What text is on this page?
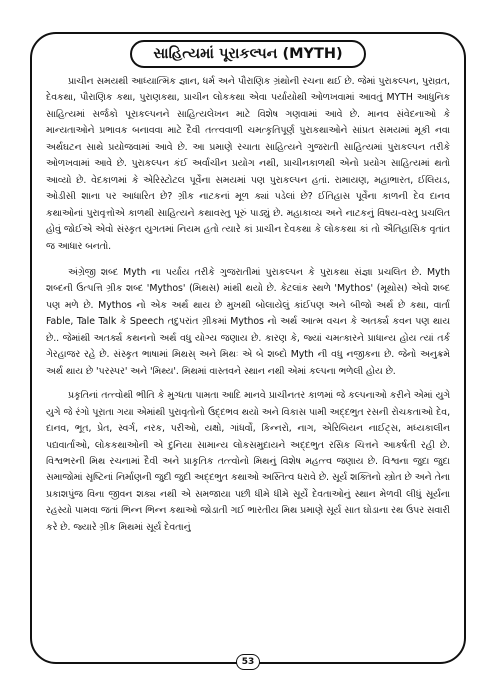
સાહિત્યમાં પૂરાકલ્પન (MYTH)

પ્રાચીન સમયથી આધ્યાત્મિક જ્ઞાન, ધર્મ અને પૌરાણિક ગ્રંથોની રચના થઈ છે. જેમાં પુરાકલ્પન, પુરાવ્રત, દેવકથા, પૌરાણિક કથા, પુરાણકથા, પ્રાચીન લોકકથા એવા પર્યાયોથી ઓળખવામાં આવતું MYTH આધુનિક સાહિત્યમાં સર્જકો પૂરાકલ્પનને સાહિત્યલેખન માટે વિશેષ ગણવામાં આવે છે. માનવ સંવેદનાઓ કે માન્યતાઓને પ્રભાવક બનાવવા માટે દૈવી તત્ત્વવાળી ચમત્કૃતિપૂર્ણ પુરાકથાઓને સાંપ્રત સમયમાં મૂકી નવા અર્થઘટન સાથે પ્રયોજવામાં આવે છે. આ પ્રમાણે રચાતા સાહિત્યને ગુજરાતી સાહિત્યમાં પુરાકલ્પન તરીકે ઓળખવામાં આવે છે. પુરાકલ્પન કંઈ અર્વાચીન પ્રયોગ નથી, પ્રાચીનકાળથી એનો પ્રયોગ સાહિત્યમાં થતો આવ્યો છે. વેદકાળમાં કે એરિસ્ટોટલ પૂર્વેના સમયમાં પણ પુરાકલ્પન હતાં. રામાયણ, મહાભારત, ઈલિયડ, ઓડીસી શાના પર આધારિત છે? ગ્રીક નાટકનાં મૂળ ક્યાં પડેલાં છે? ઈતિહાસ પૂર્વેના કાળની દેવ દાનવ કથાઓનાં પુરાવૃત્તોએ કાળથી સાહિત્યને કથાવસ્તુ પૂરું પાડ્યું છે. મહાકાવ્ય અને નાટકનું વિષય-વસ્તુ પ્રચલિત હોવું જોઈએ એવો સંસ્કૃત યુગતમાં નિયમ હતો ત્યારે કાં પ્રાચીન દેવકથા કે લોકકથા કાં તો ઐતિહાસિક વૃતાંત જ આધાર બનતો.

અંગ્રેજી શબ્દ Myth ના પર્યાય તરીકે ગુજરાતીમાં પુરાકલ્પન કે પુરાકથા સંજ્ઞા પ્રચલિત છે. Myth શબ્દની ઉત્પત્તિ ગ્રીક શબ્દ 'Mythos' (મિથસ) માંથી થયો છે. કેટલાંક સ્થળે 'Mythos' (મૂથોસ) એવો શબ્દ પણ મળે છે. Mythos નો એક અર્થ થાય છે મુખથી બોલાયેલું કાંઈપણ અને બીજો અર્થ છે કથા, વાર્તા Fable, Tale Talk કે Speech તદુપરાંત ગ્રીકમાં Mythos નો અર્થ આત્મ વચન કે અતર્ક્ય કવન પણ થાય છે.. જેમાંથી અતર્ક્ય કથનનો અર્થ વધુ યોગ્ય જણાય છે. કારણ કે, જ્યાં ચમત્કારને પ્રાધાન્ય હોય ત્યાં તર્ક ગેરહાજર રહે છે. સંસ્કૃત ભાષામાં મિથસ્ અને મિથઃ એ બે શબ્દો Myth ની વધુ નજીકના છે. જેનો અનુક્રમે અર્થ થાય છે 'પરસ્પર' અને 'મિથ્ય'. મિથમાં વાસ્તવને સ્થાન નથી એમાં કલ્પના ભળેલી હોય છે.

પ્રકૃતિનાં તત્ત્વોથી ભીતિ કે મુગ્ધતા પામતા આદિ માનવે પ્રાચીનતર કાળમાં જે કલ્પનાઓ કરીને એમાં યુગે યુગે જે રંગો પૂરાતા ગયા એમાંથી પુરાવૃતોનો ઉદ્દભવ થયો અને વિકાસ પામી અદ્દભુત રસની રોચકતાઓ દેવ, દાનવ, ભૂત, પ્રેત, સ્વર્ગ, નરક, પરીઓ, યક્ષો, ગાંધર્વો, કિન્નરો, નાગ, એરિબિયન નાઈટ્સ, મધ્યકાલીન પદ્યવાર્તાઓ, લોકકથાઓની એ દુનિયા સામાન્ય લોકસમુદાયને અદ્દભુત રસિક ચિત્તને આકર્ષતી રહી છે. વિશ્વભરની મિથ રચનામાં દૈવી અને પ્રાકૃતિક તત્ત્વોનો મિથનું વિશેષ મહત્ત્વ જણાય છે. વિશ્વના જુદા જુદા સમાજોમાં સૃષ્ટિનાં નિર્માણની જુદી જુદી અદ્દભુત કથાઓ અસ્તિત્વ ધરાવે છે. સૂર્ય શક્તિનો સ્ત્રોત છે અને તેના પ્રકાશપુંજ વિના જીવન શક્ય નથી એ સમજાયા પછી ધીમે ધીમે સૂર્યે દેવતાઓનું સ્થાન મેળવી લીધું સૂર્યના રહસ્યો પામવા જતાં ભિન્ન ભિન્ન કથાઓ જોડાતી ગઈ ભારતીય મિથ પ્રમાણે સૂર્ય સાત ઘોડાના રથ ઉપર સવારી કરે છે. જ્યારે ગ્રીક મિથમાં સૂર્ય દેવતાનું

53
